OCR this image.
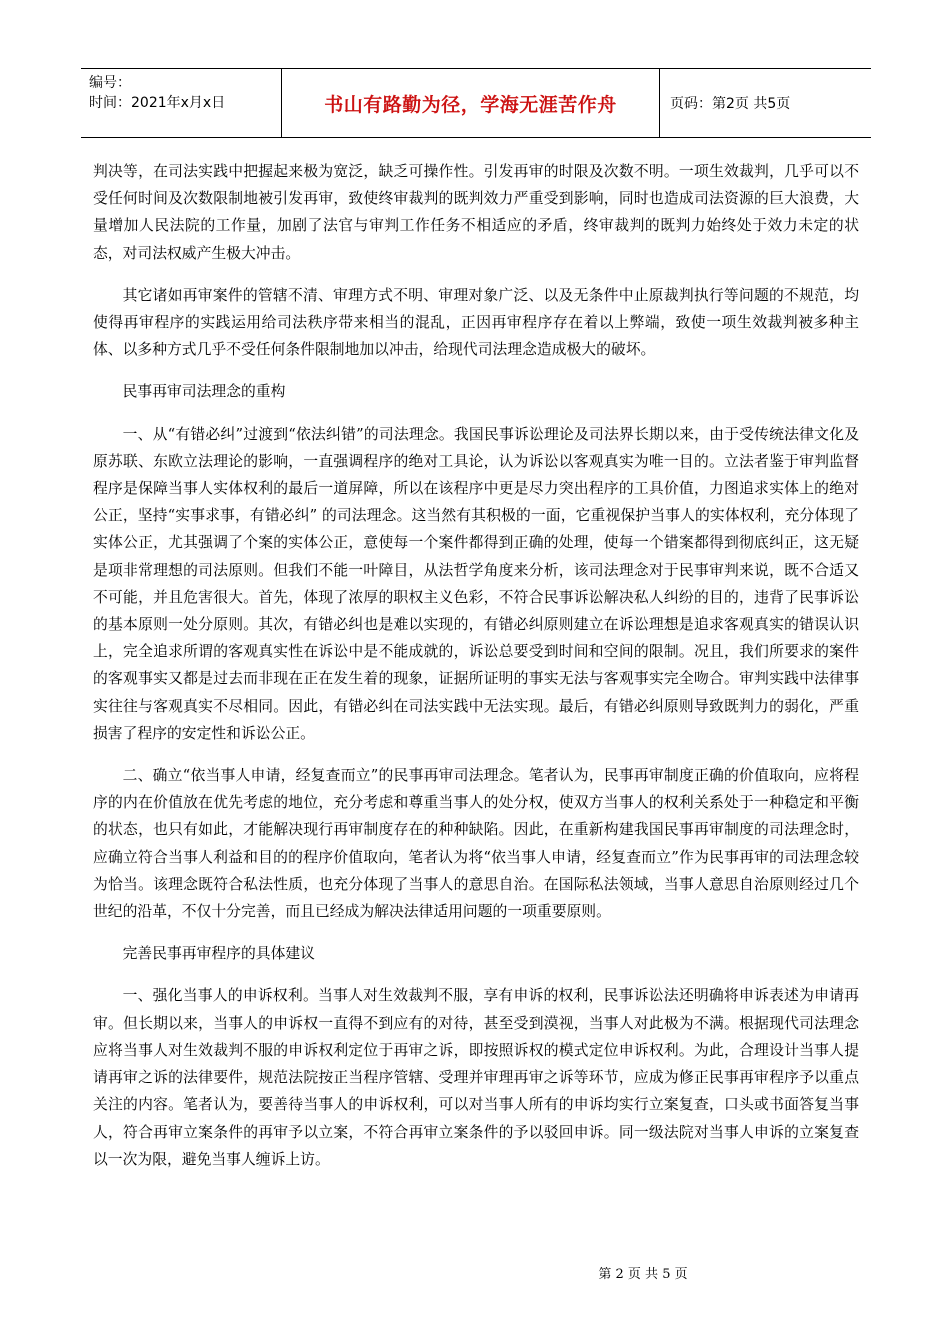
编号：
时间：2021年x月x日	书山有路勤为径，学海无涯苦作舟	页码：第2页 共5页

判决等，在司法实践中把握起来极为宽泛，缺乏可操作性。引发再审的时限及次数不明。一项生效裁判，几乎可以不受任何时间及次数限制地被引发再审，致使终审裁判的既判效力严重受到影响，同时也造成司法资源的巨大浪费，大量增加人民法院的工作量，加剧了法官与审判工作任务不相适应的矛盾，终审裁判的既判力始终处于效力未定的状态，对司法权威产生极大冲击。

其它诸如再审案件的管辖不清、审理方式不明、审理对象广泛、以及无条件中止原裁判执行等问题的不规范，均使得再审程序的实践运用给司法秩序带来相当的混乱，正因再审程序存在着以上弊端，致使一项生效裁判被多种主体、以多种方式几乎不受任何条件限制地加以冲击，给现代司法理念造成极大的破坏。

民事再审司法理念的重构

一、从“有错必纠”过渡到“依法纠错”的司法理念。我国民事诉讼理论及司法界长期以来，由于受传统法律文化及原苏联、东欧立法理论的影响，一直强调程序的绝对工具论，认为诉讼以客观真实为唯一目的。立法者鉴于审判监督程序是保障当事人实体权利的最后一道屏障，所以在该程序中更是尽力突出程序的工具价值，力图追求实体上的绝对公正，坚持“实事求事，有错必纠” 的司法理念。这当然有其积极的一面，它重视保护当事人的实体权利，充分体现了实体公正，尤其强调了个案的实体公正，意使每一个案件都得到正确的处理，使每一个错案都得到彻底纠正，这无疑是项非常理想的司法原则。但我们不能一叶障目，从法哲学角度来分析，该司法理念对于民事审判来说，既不合适又不可能，并且危害很大。首先，体现了浓厚的职权主义色彩，不符合民事诉讼解决私人纠纷的目的，违背了民事诉讼的基本原则一处分原则。其次，有错必纠也是难以实现的，有错必纠原则建立在诉讼理想是追求客观真实的错误认识上，完全追求所谓的客观真实性在诉讼中是不能成就的，诉讼总要受到时间和空间的限制。况且，我们所要求的案件的客观事实又都是过去而非现在正在发生着的现象，证据所证明的事实无法与客观事实完全吻合。审判实践中法律事实往往与客观真实不尽相同。因此，有错必纠在司法实践中无法实现。最后，有错必纠原则导致既判力的弱化，严重损害了程序的安定性和诉讼公正。

二、确立“依当事人申请，经复查而立”的民事再审司法理念。笔者认为，民事再审制度正确的价值取向，应将程序的内在价值放在优先考虑的地位，充分考虑和尊重当事人的处分权，使双方当事人的权利关系处于一种稳定和平衡的状态，也只有如此，才能解决现行再审制度存在的种种缺陷。因此，在重新构建我国民事再审制度的司法理念时，应确立符合当事人利益和目的的程序价值取向，笔者认为将“依当事人申请，经复查而立”作为民事再审的司法理念较为恰当。该理念既符合私法性质，也充分体现了当事人的意思自治。在国际私法领域，当事人意思自治原则经过几个世纪的沿革，不仅十分完善，而且已经成为解决法律适用问题的一项重要原则。

完善民事再审程序的具体建议

一、强化当事人的申诉权利。当事人对生效裁判不服，享有申诉的权利，民事诉讼法还明确将申诉表述为申请再审。但长期以来，当事人的申诉权一直得不到应有的对待，甚至受到漠视，当事人对此极为不满。根据现代司法理念应将当事人对生效裁判不服的申诉权利定位于再审之诉，即按照诉权的模式定位申诉权利。为此，合理设计当事人提请再审之诉的法律要件，规范法院按正当程序管辖、受理并审理再审之诉等环节，应成为修正民事再审程序予以重点关注的内容。笔者认为，要善待当事人的申诉权利，可以对当事人所有的申诉均实行立案复查，口头或书面答复当事人，符合再审立案条件的再审予以立案，不符合再审立案条件的予以驳回申诉。同一级法院对当事人申诉的立案复查以一次为限，避免当事人缠诉上访。

第 2 页 共 5 页
